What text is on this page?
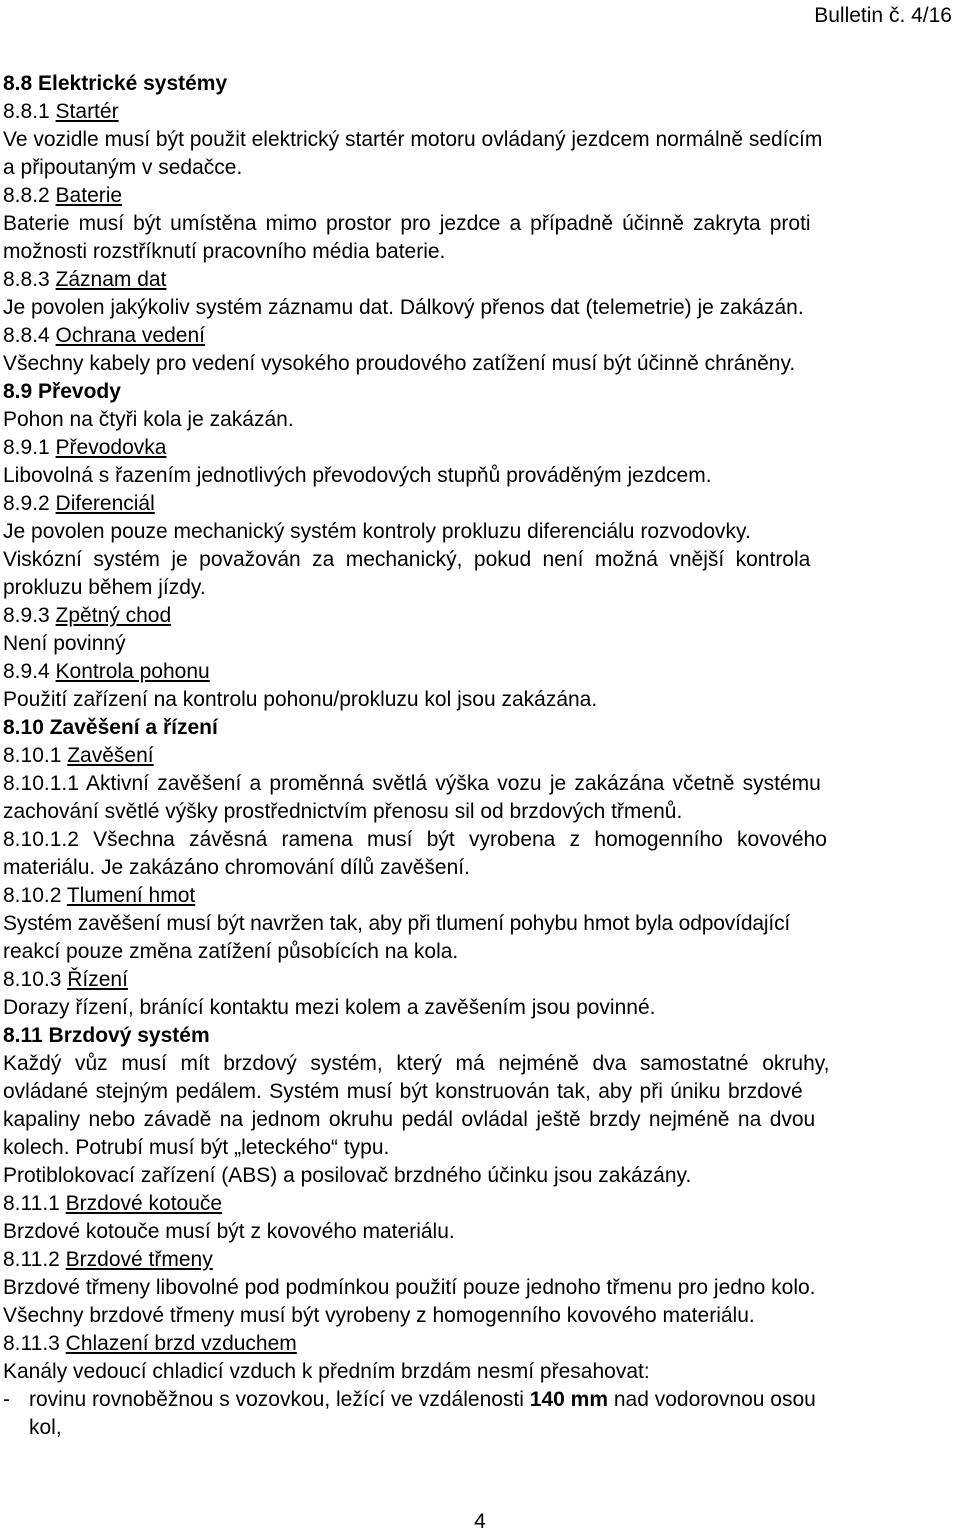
Bulletin č. 4/16
8.8 Elektrické systémy
8.8.1 Startér
Ve vozidle musí být použit elektrický startér motoru ovládaný jezdcem normálně sedícím
a připoutaným v sedačce.
8.8.2 Baterie
Baterie musí být umístěna mimo prostor pro jezdce a případně účinně zakryta proti
možnosti rozstříknutí pracovního média baterie.
8.8.3 Záznam dat
Je povolen jakýkoliv systém záznamu dat. Dálkový přenos dat (telemetrie) je zakázán.
8.8.4 Ochrana vedení
Všechny kabely pro vedení vysokého proudového zatížení musí být účinně chráněny.
8.9 Převody
Pohon na čtyři kola je zakázán.
8.9.1 Převodovka
Libovolná s řazením jednotlivých převodových stupňů prováděným jezdcem.
8.9.2 Diferenciál
Je povolen pouze mechanický systém kontroly prokluzu diferenciálu rozvodovky.
Viskózní systém je považován za mechanický, pokud není možná vnější kontrola
prokluzu během jízdy.
8.9.3 Zpětný chod
Není povinný
8.9.4 Kontrola pohonu
Použití zařízení na kontrolu pohonu/prokluzu kol jsou zakázána.
8.10 Zavěšení a řízení
8.10.1 Zavěšení
8.10.1.1 Aktivní zavěšení a proměnná světlá výška vozu je zakázána včetně systému
zachování světlé výšky prostřednictvím přenosu sil od brzdových třmenů.
8.10.1.2 Všechna závěsná ramena musí být vyrobena z homogenního kovového
materiálu. Je zakázáno chromování dílů zavěšení.
8.10.2 Tlumení hmot
Systém zavěšení musí být navržen tak, aby při tlumení pohybu hmot byla odpovídající
reakcí pouze změna zatížení působících na kola.
8.10.3 Řízení
Dorazy řízení, bránící kontaktu mezi kolem a zavěšením jsou povinné.
8.11 Brzdový systém
Každý vůz musí mít brzdový systém, který má nejméně dva samostatné okruhy,
ovládané stejným pedálem. Systém musí být konstruován tak, aby při úniku brzdové
kapaliny nebo závadě na jednom okruhu pedál ovládal ještě brzdy nejméně na dvou
kolech. Potrubí musí být „leteckého“ typu.
Protiblokovací zařízení (ABS) a posilovač brzdného účinku jsou zakázány.
8.11.1 Brzdové kotouče
Brzdové kotouče musí být z kovového materiálu.
8.11.2 Brzdové třmeny
Brzdové třmeny libovolné pod podmínkou použití pouze jednoho třmenu pro jedno kolo.
Všechny brzdové třmeny musí být vyrobeny z homogenního kovového materiálu.
8.11.3 Chlazení brzd vzduchem
Kanály vedoucí chladicí vzduch k předním brzdám nesmí přesahovat:
- rovinu rovnoběžnou s vozovkou, ležící ve vzdálenosti 140 mm nad vodorovnou osou
kol,
4
